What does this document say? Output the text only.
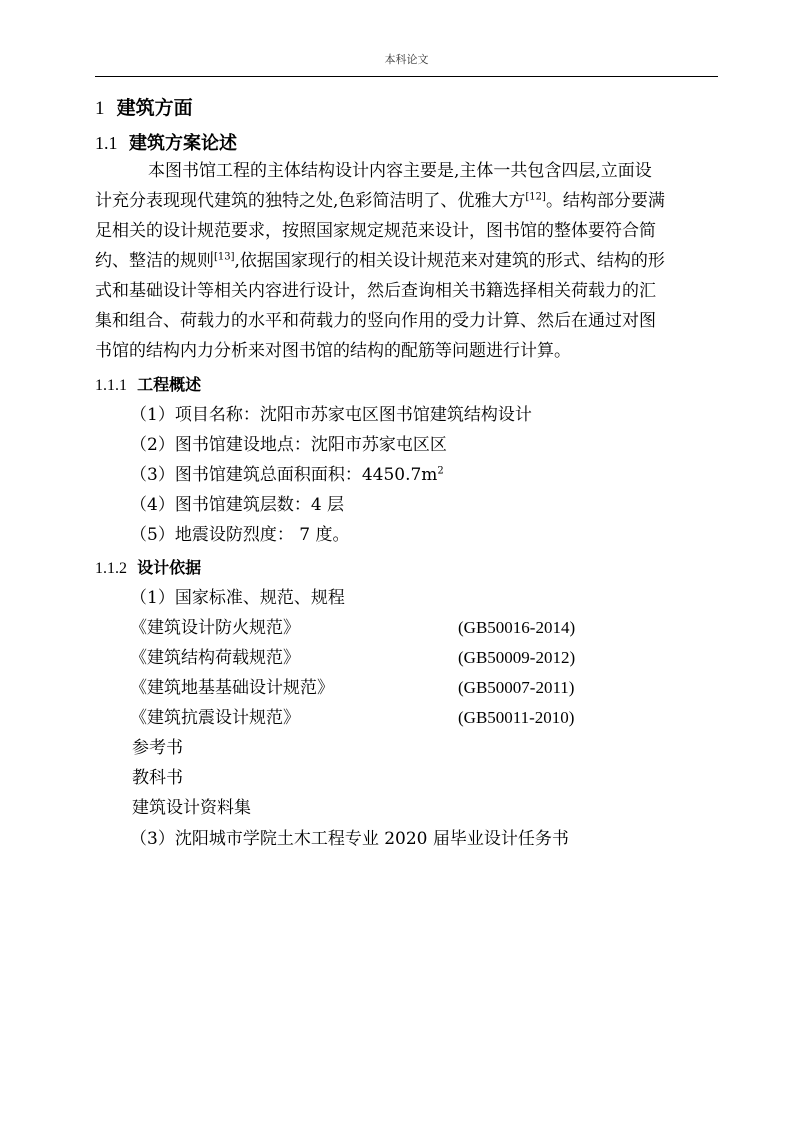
本科论文
1 建筑方面
1.1 建筑方案论述
本图书馆工程的主体结构设计内容主要是,主体一共包含四层,立面设
计充分表现现代建筑的独特之处,色彩简洁明了、优雅大方[12]。结构部分要满
足相关的设计规范要求，按照国家规定规范来设计，图书馆的整体要符合简
约、整洁的规则[13],依据国家现行的相关设计规范来对建筑的形式、结构的形
式和基础设计等相关内容进行设计，然后查询相关书籍选择相关荷载力的汇
集和组合、荷载力的水平和荷载力的竖向作用的受力计算、然后在通过对图
书馆的结构内力分析来对图书馆的结构的配筋等问题进行计算。
1.1.1 工程概述
（1）项目名称：沈阳市苏家屯区图书馆建筑结构设计
（2）图书馆建设地点：沈阳市苏家屯区区
（3）图书馆建筑总面积面积：$4450.7m^2$
（4）图书馆建筑层数：4 层
（5）地震设防烈度： 7 度。
1.1.2 设计依据
（1）国家标准、规范、规程
《建筑设计防火规范》	(GB50016-2014)
《建筑结构荷载规范》	(GB50009-2012)
《建筑地基基础设计规范》	(GB50007-2011)
《建筑抗震设计规范》	(GB50011-2010)
参考书
教科书
建筑设计资料集
（3）沈阳城市学院土木工程专业 2020 届毕业设计任务书
